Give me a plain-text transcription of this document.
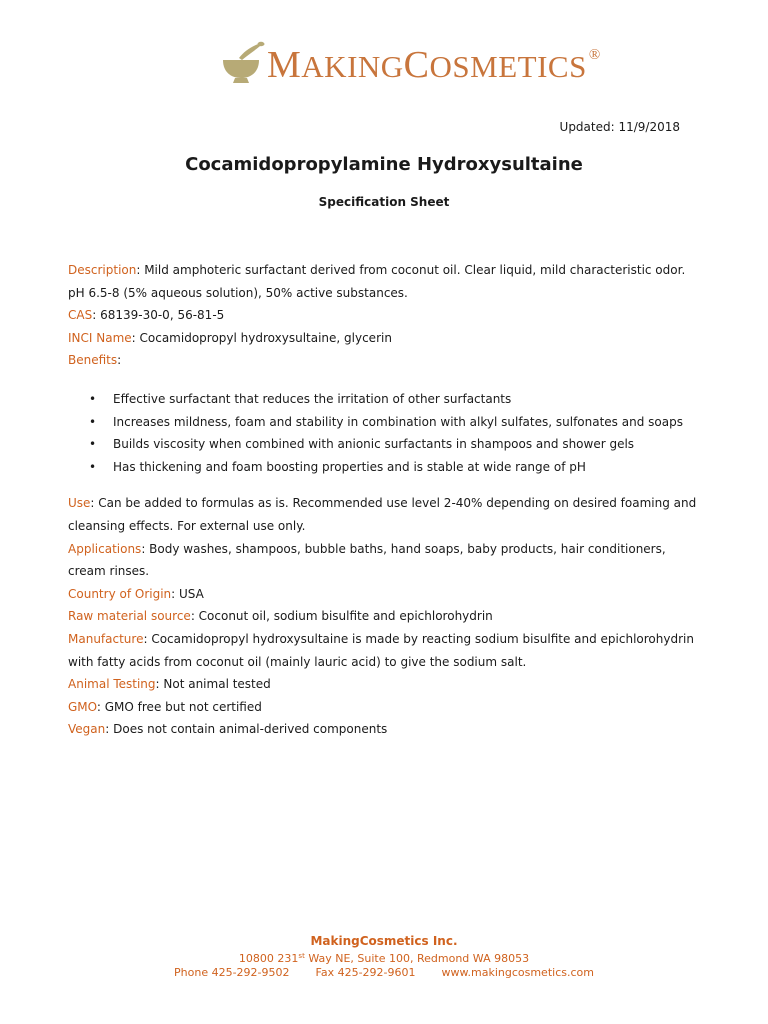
MAKINGCOSMETICS ®
Updated: 11/9/2018
Cocamidopropylamine Hydroxysultaine
Specification Sheet

Description: Mild amphoteric surfactant derived from coconut oil. Clear liquid, mild characteristic odor. pH 6.5-8 (5% aqueous solution), 50% active substances.

CAS: 68139-30-0, 56-81-5

INCI Name: Cocamidopropyl hydroxysultaine, glycerin

Benefits:

• Effective surfactant that reduces the irritation of other surfactants
• Increases mildness, foam and stability in combination with alkyl sulfates, sulfonates and soaps
• Builds viscosity when combined with anionic surfactants in shampoos and shower gels
• Has thickening and foam boosting properties and is stable at wide range of pH

Use: Can be added to formulas as is. Recommended use level 2-40% depending on desired foaming and cleansing effects. For external use only.

Applications: Body washes, shampoos, bubble baths, hand soaps, baby products, hair conditioners, cream rinses.

Country of Origin: USA

Raw material source: Coconut oil, sodium bisulfite and epichlorohydrin

Manufacture: Cocamidopropyl hydroxysultaine is made by reacting sodium bisulfite and epichlorohydrin with fatty acids from coconut oil (mainly lauric acid) to give the sodium salt.

Animal Testing: Not animal tested

GMO: GMO free but not certified

Vegan: Does not contain animal-derived components

MakingCosmetics Inc.
10800 231st Way NE, Suite 100, Redmond WA 98053
Phone 425-292-9502 Fax 425-292-9601 www.makingcosmetics.com
